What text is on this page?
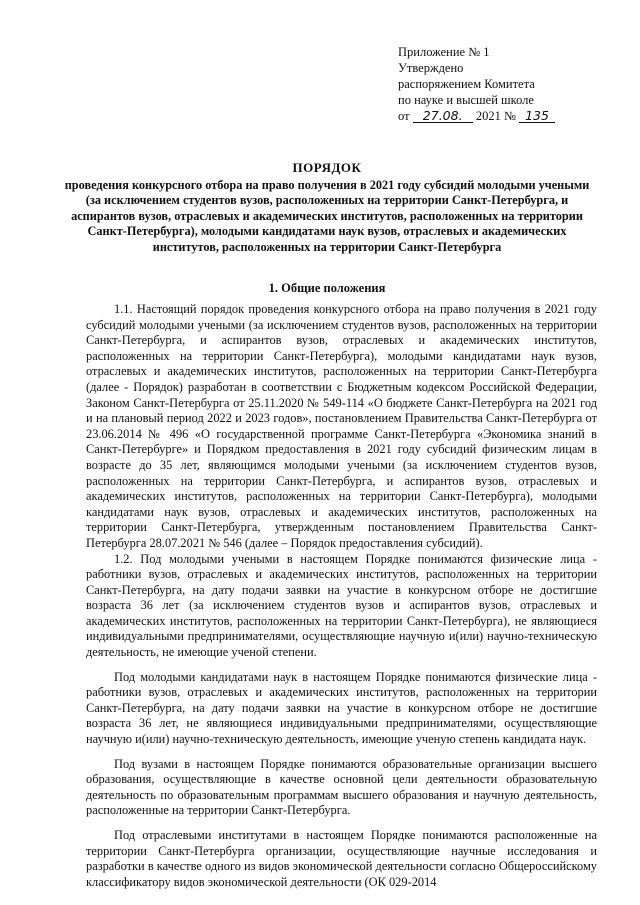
Приложение № 1
Утверждено
распоряжением Комитета
по науке и высшей школе
от 27.08. 2021 № 135
ПОРЯДОК
проведения конкурсного отбора на право получения в 2021 году субсидий молодыми учеными (за исключением студентов вузов, расположенных на территории Санкт-Петербурга, и аспирантов вузов, отраслевых и академических институтов, расположенных на территории Санкт-Петербурга), молодыми кандидатами наук вузов, отраслевых и академических институтов, расположенных на территории Санкт-Петербурга
1. Общие положения

1.1. Настоящий порядок проведения конкурсного отбора на право получения в 2021 году субсидий молодыми учеными (за исключением студентов вузов, расположенных на территории Санкт-Петербурга, и аспирантов вузов, отраслевых и академических институтов, расположенных на территории Санкт-Петербурга), молодыми кандидатами наук вузов, отраслевых и академических институтов, расположенных на территории Санкт-Петербурга (далее - Порядок) разработан в соответствии с Бюджетным кодексом Российской Федерации, Законом Санкт-Петербурга от 25.11.2020 № 549-114 «О бюджете Санкт-Петербурга на 2021 год и на плановый период 2022 и 2023 годов», постановлением Правительства Санкт-Петербурга от 23.06.2014 № 496 «О государственной программе Санкт-Петербурга «Экономика знаний в Санкт-Петербурге» и Порядком предоставления в 2021 году субсидий физическим лицам в возрасте до 35 лет, являющимся молодыми учеными (за исключением студентов вузов, расположенных на территории Санкт-Петербурга, и аспирантов вузов, отраслевых и академических институтов, расположенных на территории Санкт-Петербурга), молодыми кандидатами наук вузов, отраслевых и академических институтов, расположенных на территории Санкт-Петербурга, утвержденным постановлением Правительства Санкт-Петербурга 28.07.2021 № 546 (далее – Порядок предоставления субсидий).

1.2. Под молодыми учеными в настоящем Порядке понимаются физические лица - работники вузов, отраслевых и академических институтов, расположенных на территории Санкт-Петербурга, на дату подачи заявки на участие в конкурсном отборе не достигшие возраста 36 лет (за исключением студентов вузов и аспирантов вузов, отраслевых и академических институтов, расположенных на территории Санкт-Петербурга), не являющиеся индивидуальными предпринимателями, осуществляющие научную и(или) научно-техническую деятельность, не имеющие ученой степени.

Под молодыми кандидатами наук в настоящем Порядке понимаются физические лица - работники вузов, отраслевых и академических институтов, расположенных на территории Санкт-Петербурга, на дату подачи заявки на участие в конкурсном отборе не достигшие возраста 36 лет, не являющиеся индивидуальными предпринимателями, осуществляющие научную и(или) научно-техническую деятельность, имеющие ученую степень кандидата наук.

Под вузами в настоящем Порядке понимаются образовательные организации высшего образования, осуществляющие в качестве основной цели деятельности образовательную деятельность по образовательным программам высшего образования и научную деятельность, расположенные на территории Санкт-Петербурга.

Под отраслевыми институтами в настоящем Порядке понимаются расположенные на территории Санкт-Петербурга организации, осуществляющие научные исследования и разработки в качестве одного из видов экономической деятельности согласно Общероссийскому классификатору видов экономической деятельности (ОК 029-2014
